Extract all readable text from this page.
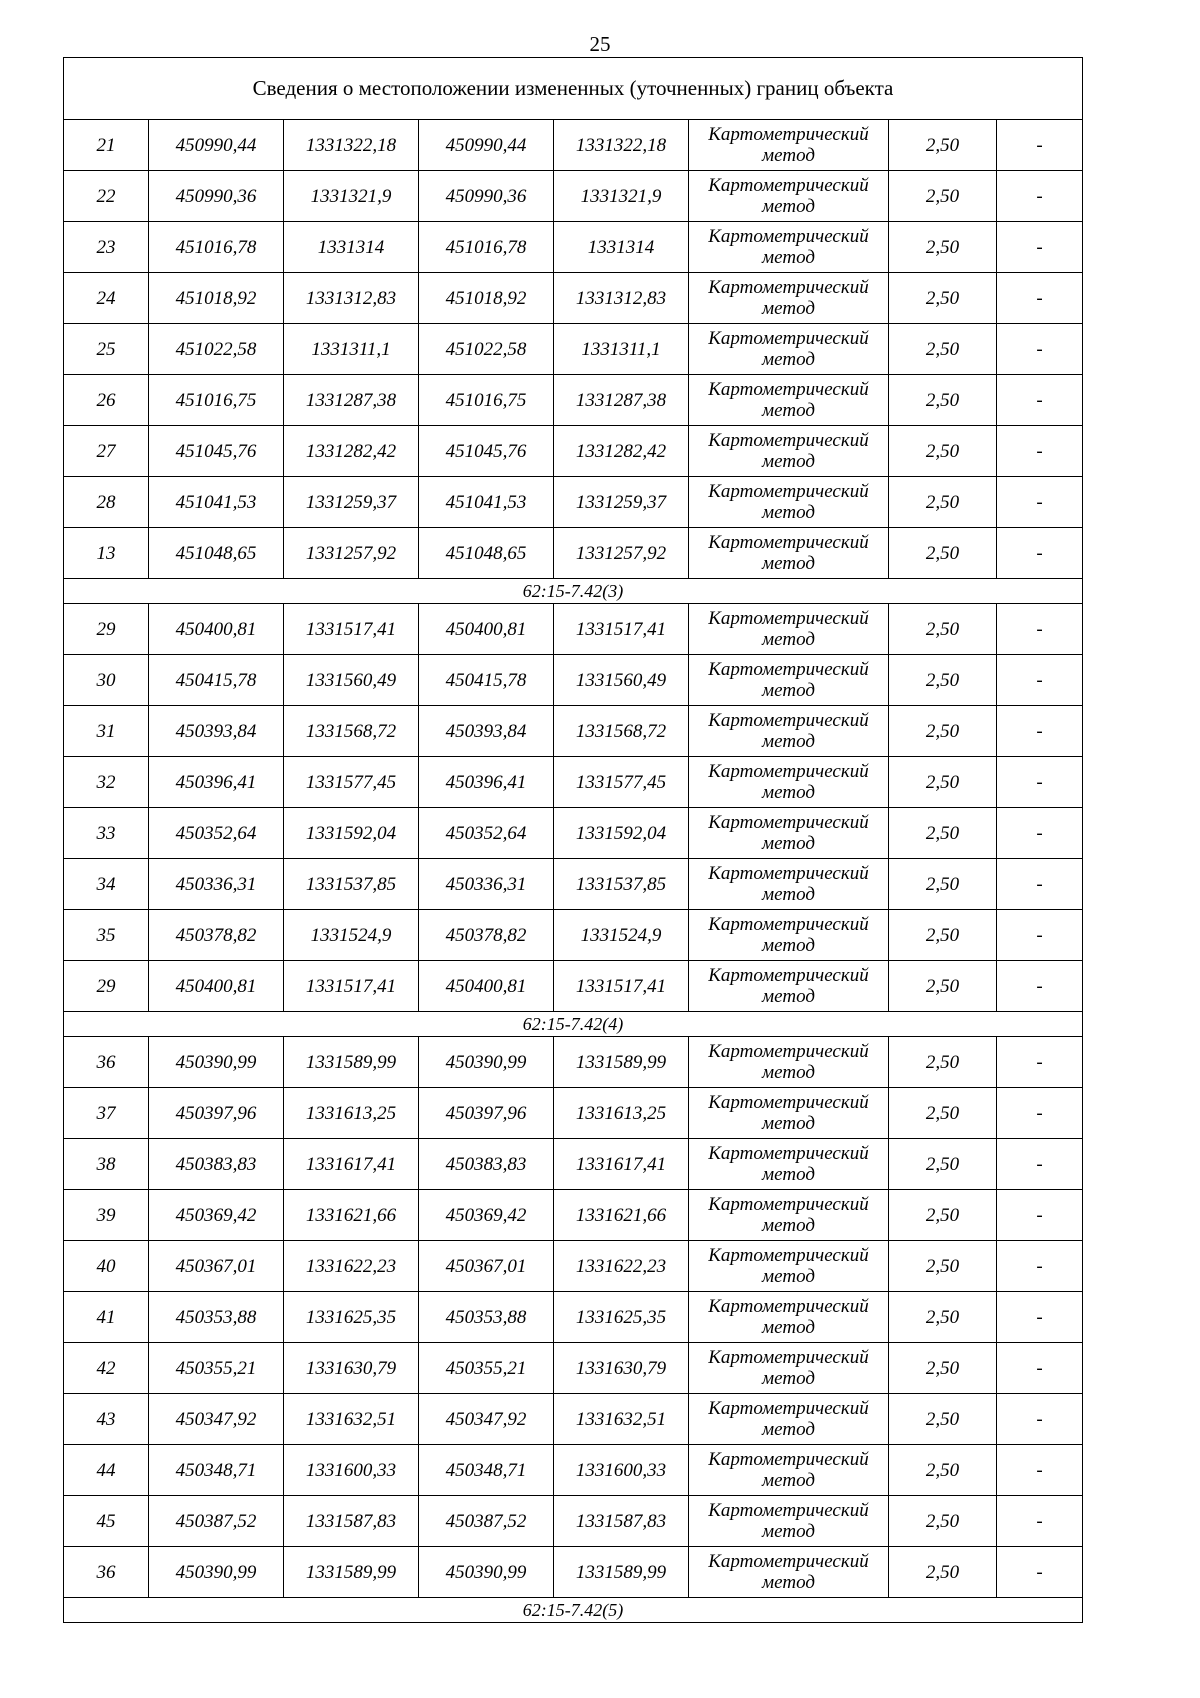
25
Сведения о местоположении измененных (уточненных) границ объекта							
21	450990,44	1331322,18	450990,44	1331322,18	Картометрический метод	2,50	-
22	450990,36	1331321,9	450990,36	1331321,9	Картометрический метод	2,50	-
23	451016,78	1331314	451016,78	1331314	Картометрический метод	2,50	-
24	451018,92	1331312,83	451018,92	1331312,83	Картометрический метод	2,50	-
25	451022,58	1331311,1	451022,58	1331311,1	Картометрический метод	2,50	-
26	451016,75	1331287,38	451016,75	1331287,38	Картометрический метод	2,50	-
27	451045,76	1331282,42	451045,76	1331282,42	Картометрический метод	2,50	-
28	451041,53	1331259,37	451041,53	1331259,37	Картометрический метод	2,50	-
13	451048,65	1331257,92	451048,65	1331257,92	Картометрический метод	2,50	-
62:15-7.42(3)							
29	450400,81	1331517,41	450400,81	1331517,41	Картометрический метод	2,50	-
30	450415,78	1331560,49	450415,78	1331560,49	Картометрический метод	2,50	-
31	450393,84	1331568,72	450393,84	1331568,72	Картометрический метод	2,50	-
32	450396,41	1331577,45	450396,41	1331577,45	Картометрический метод	2,50	-
33	450352,64	1331592,04	450352,64	1331592,04	Картометрический метод	2,50	-
34	450336,31	1331537,85	450336,31	1331537,85	Картометрический метод	2,50	-
35	450378,82	1331524,9	450378,82	1331524,9	Картометрический метод	2,50	-
29	450400,81	1331517,41	450400,81	1331517,41	Картометрический метод	2,50	-
62:15-7.42(4)							
36	450390,99	1331589,99	450390,99	1331589,99	Картометрический метод	2,50	-
37	450397,96	1331613,25	450397,96	1331613,25	Картометрический метод	2,50	-
38	450383,83	1331617,41	450383,83	1331617,41	Картометрический метод	2,50	-
39	450369,42	1331621,66	450369,42	1331621,66	Картометрический метод	2,50	-
40	450367,01	1331622,23	450367,01	1331622,23	Картометрический метод	2,50	-
41	450353,88	1331625,35	450353,88	1331625,35	Картометрический метод	2,50	-
42	450355,21	1331630,79	450355,21	1331630,79	Картометрический метод	2,50	-
43	450347,92	1331632,51	450347,92	1331632,51	Картометрический метод	2,50	-
44	450348,71	1331600,33	450348,71	1331600,33	Картометрический метод	2,50	-
45	450387,52	1331587,83	450387,52	1331587,83	Картометрический метод	2,50	-
36	450390,99	1331589,99	450390,99	1331589,99	Картометрический метод	2,50	-
62:15-7.42(5)							
